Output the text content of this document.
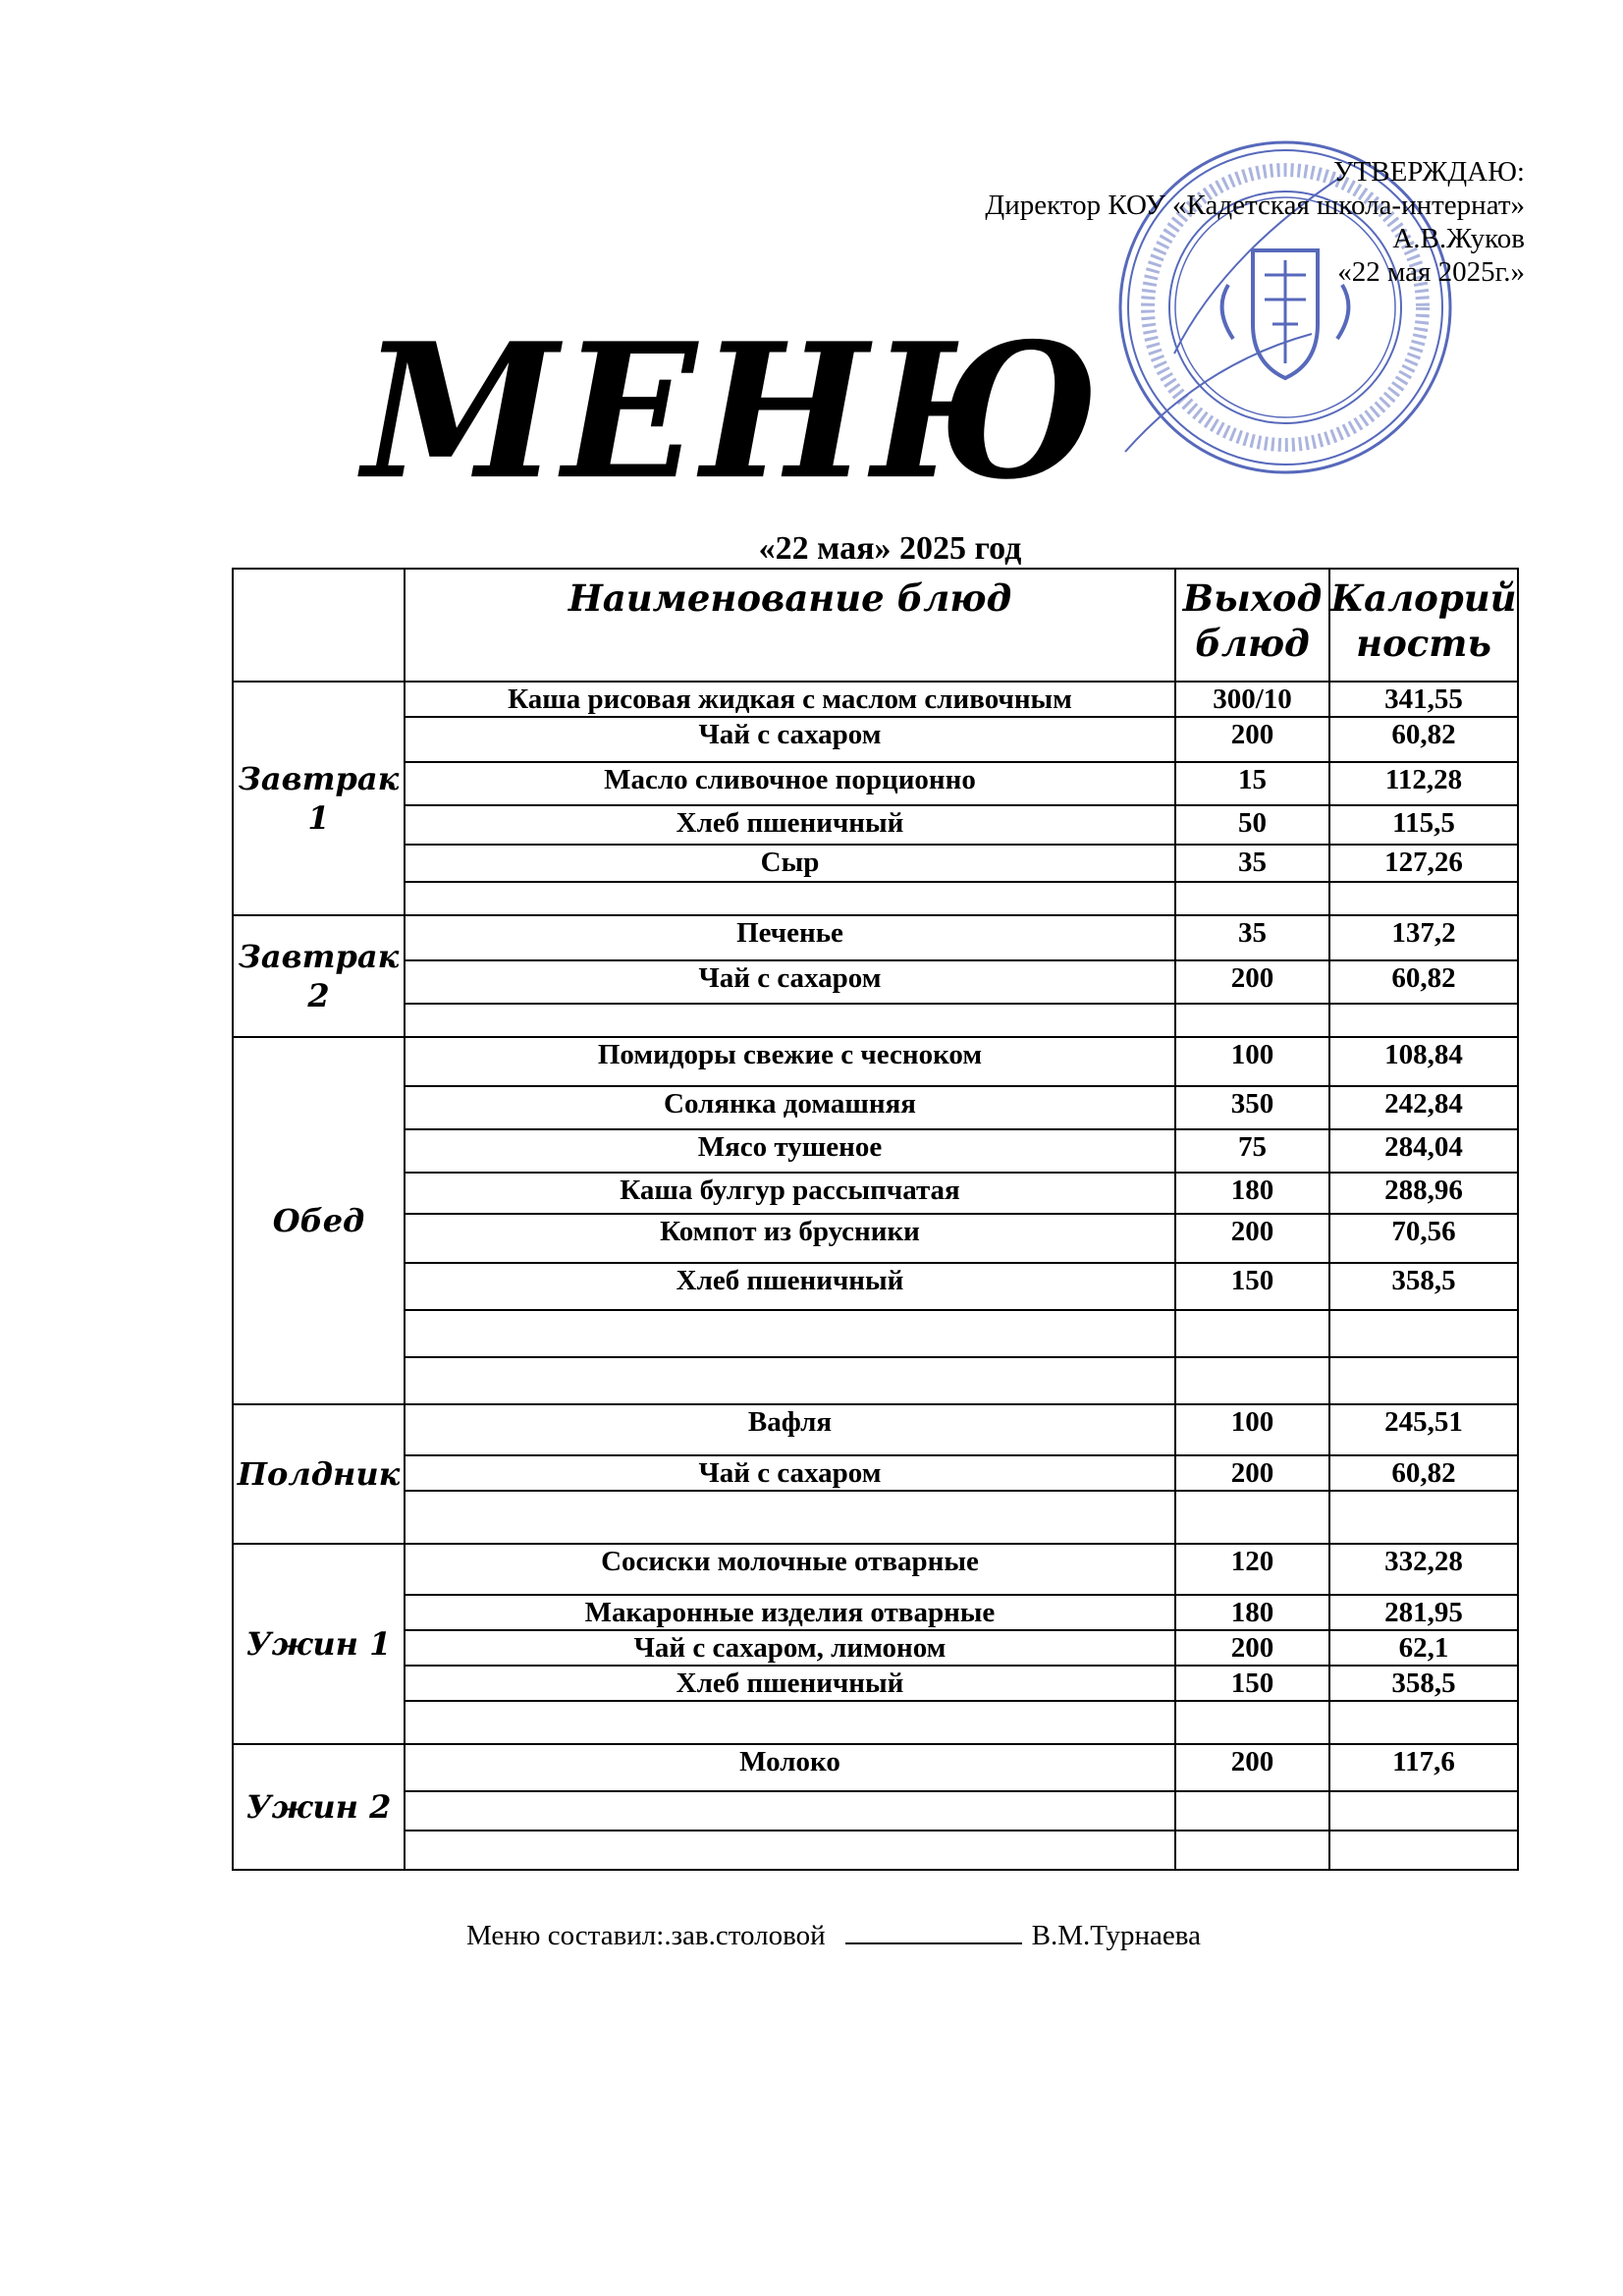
УТВЕРЖДАЮ:
Директор КОУ «Кадетская школа-интернат»
А.В.Жуков
«22 мая 2025г.»
МЕНЮ
«22 мая» 2025 год
	Наименование блюд	Выход блюд	Калорий ность
Завтрак 1	Каша рисовая жидкая с маслом сливочным	300/10	341,55
	Чай с сахаром	200	60,82
	Масло сливочное порционно	15	112,28
	Хлеб пшеничный	50	115,5
	Сыр	35	127,26

Завтрак 2	Печенье	35	137,2
	Чай с сахаром	200	60,82

Обед	Помидоры свежие с чесноком	100	108,84
	Солянка домашняя	350	242,84
	Мясо тушеное	75	284,04
	Каша булгур рассыпчатая	180	288,96
	Компот из брусники	200	70,56
	Хлеб пшеничный	150	358,5

Полдник	Вафля	100	245,51
	Чай с сахаром	200	60,82

Ужин 1	Сосиски молочные отварные	120	332,28
	Макаронные изделия отварные	180	281,95
	Чай с сахаром, лимоном	200	62,1
	Хлеб пшеничный	150	358,5

Ужин 2	Молоко	200	117,6

Меню составил:.зав.столовой	В.М.Турнаева
